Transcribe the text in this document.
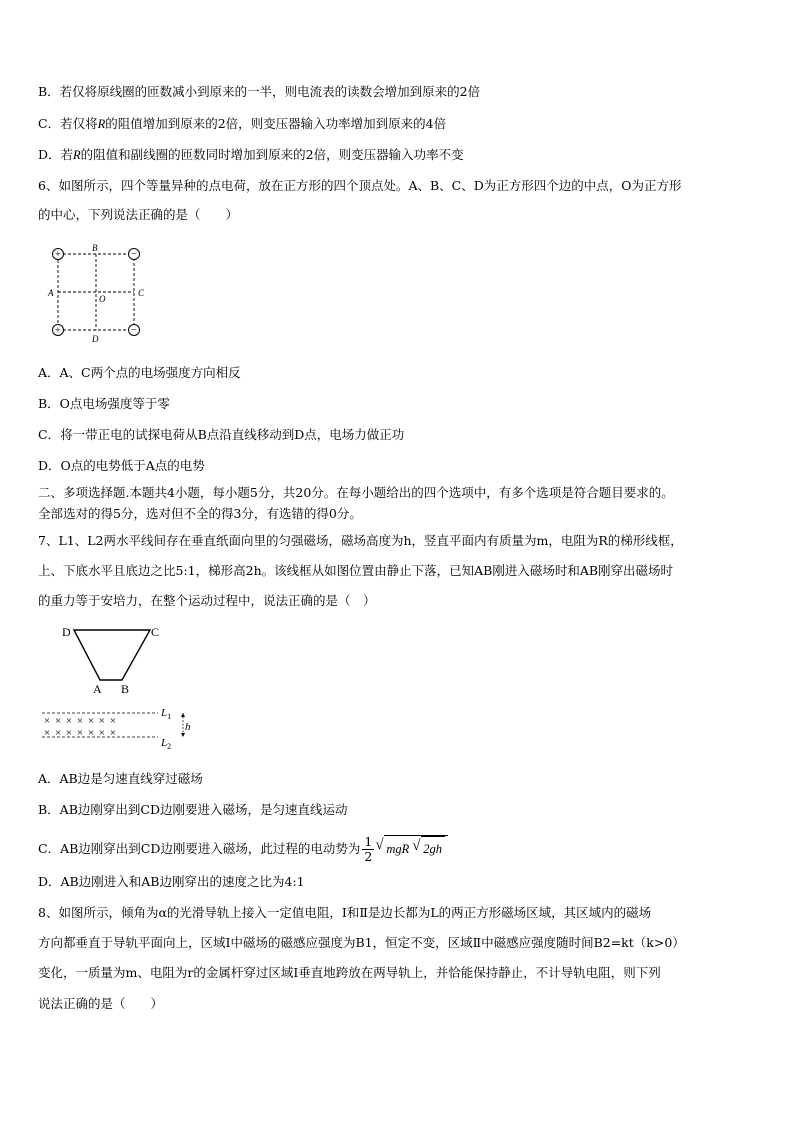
B．若仅将原线圈的匝数减小到原来的一半，则电流表的读数会增加到原来的2倍
C．若仅将R的阻值增加到原来的2倍，则变压器输入功率增加到原来的4倍
D．若R的阻值和副线圈的匝数同时增加到原来的2倍，则变压器输入功率不变
6、如图所示，四个等量异种的点电荷，放在正方形的四个顶点处。A、B、C、D为正方形四个边的中点，O为正方形
的中心，下列说法正确的是（　　）
+	−
+	−
B
A	C
D
O
A．A、C两个点的电场强度方向相反
B．O点电场强度等于零
C．将一带正电的试探电荷从B点沿直线移动到D点，电场力做正功
D．O点的电势低于A点的电势
二、多项选择题.本题共4小题，每小题5分，共20分。在每小题给出的四个选项中，有多个选项是符合题目要求的。
全部选对的得5分，选对但不全的得3分，有选错的得0分。
7、L1、L2两水平线间存在垂直纸面向里的匀强磁场，磁场高度为h，竖直平面内有质量为m，电阻为R的梯形线框，
上、下底水平且底边之比5:1，梯形高2h。该线框从如图位置由静止下落，已知AB刚进入磁场时和AB刚穿出磁场时
的重力等于安培力，在整个运动过程中，说法正确的是（　）
D	C
A B
× × × × × × ×
× × × × × × ×
$L_1$
$L_2$
h
A．AB边是匀速直线穿过磁场
B．AB边刚穿出到CD边刚要进入磁场，是匀速直线运动
C．AB边刚穿出到CD边刚要进入磁场，此过程的电动势为 $\frac{1}{2}$ √ mgR √ 2gh
D．AB边刚进入和AB边刚穿出的速度之比为4:1
8、如图所示，倾角为α的光滑导轨上接入一定值电阻，Ⅰ和Ⅱ是边长都为L的两正方形磁场区域，其区域内的磁场
方向都垂直于导轨平面向上，区域Ⅰ中磁场的磁感应强度为B1，恒定不变，区域Ⅱ中磁感应强度随时间B2=kt（k>0）
变化，一质量为m、电阻为r的金属杆穿过区域Ⅰ垂直地跨放在两导轨上，并恰能保持静止，不计导轨电阻，则下列
说法正确的是（　　）
